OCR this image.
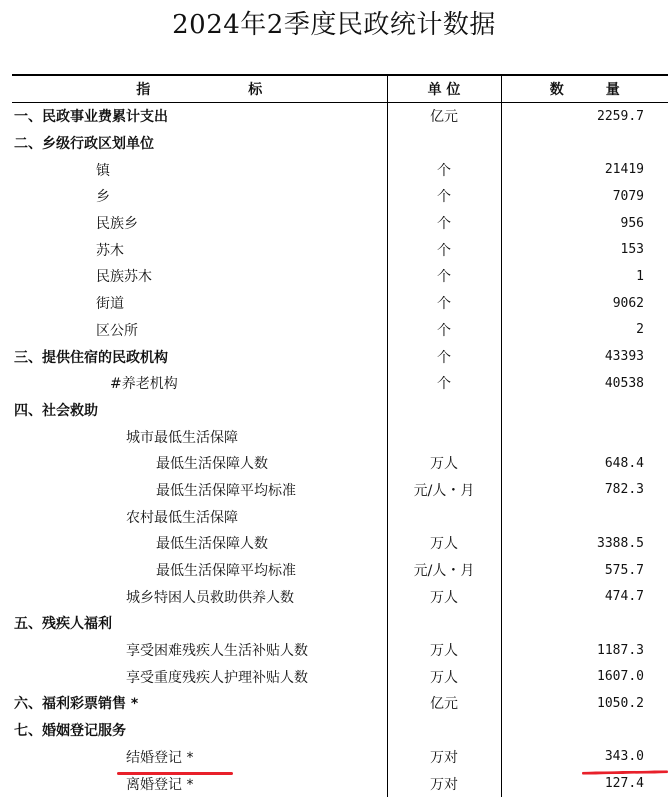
2024年2季度民政统计数据
指　　　　　　　标	单 位	数　　　量
一、民政事业费累计支出	亿元	2259.7
二、乡级行政区划单位		
镇	个	21419
乡	个	7079
民族乡	个	956
苏木	个	153
民族苏木	个	1
街道	个	9062
区公所	个	2
三、提供住宿的民政机构	个	43393
#养老机构	个	40538
四、社会救助		
城市最低生活保障		
最低生活保障人数	万人	648.4
最低生活保障平均标准	元/人・月	782.3
农村最低生活保障		
最低生活保障人数	万人	3388.5
最低生活保障平均标准	元/人・月	575.7
城乡特困人员救助供养人数	万人	474.7
五、残疾人福利		
享受困难残疾人生活补贴人数	万人	1187.3
享受重度残疾人护理补贴人数	万人	1607.0
六、福利彩票销售 *	亿元	1050.2
七、婚姻登记服务		
结婚登记 *	万对	343.0
离婚登记 *	万对	127.4
